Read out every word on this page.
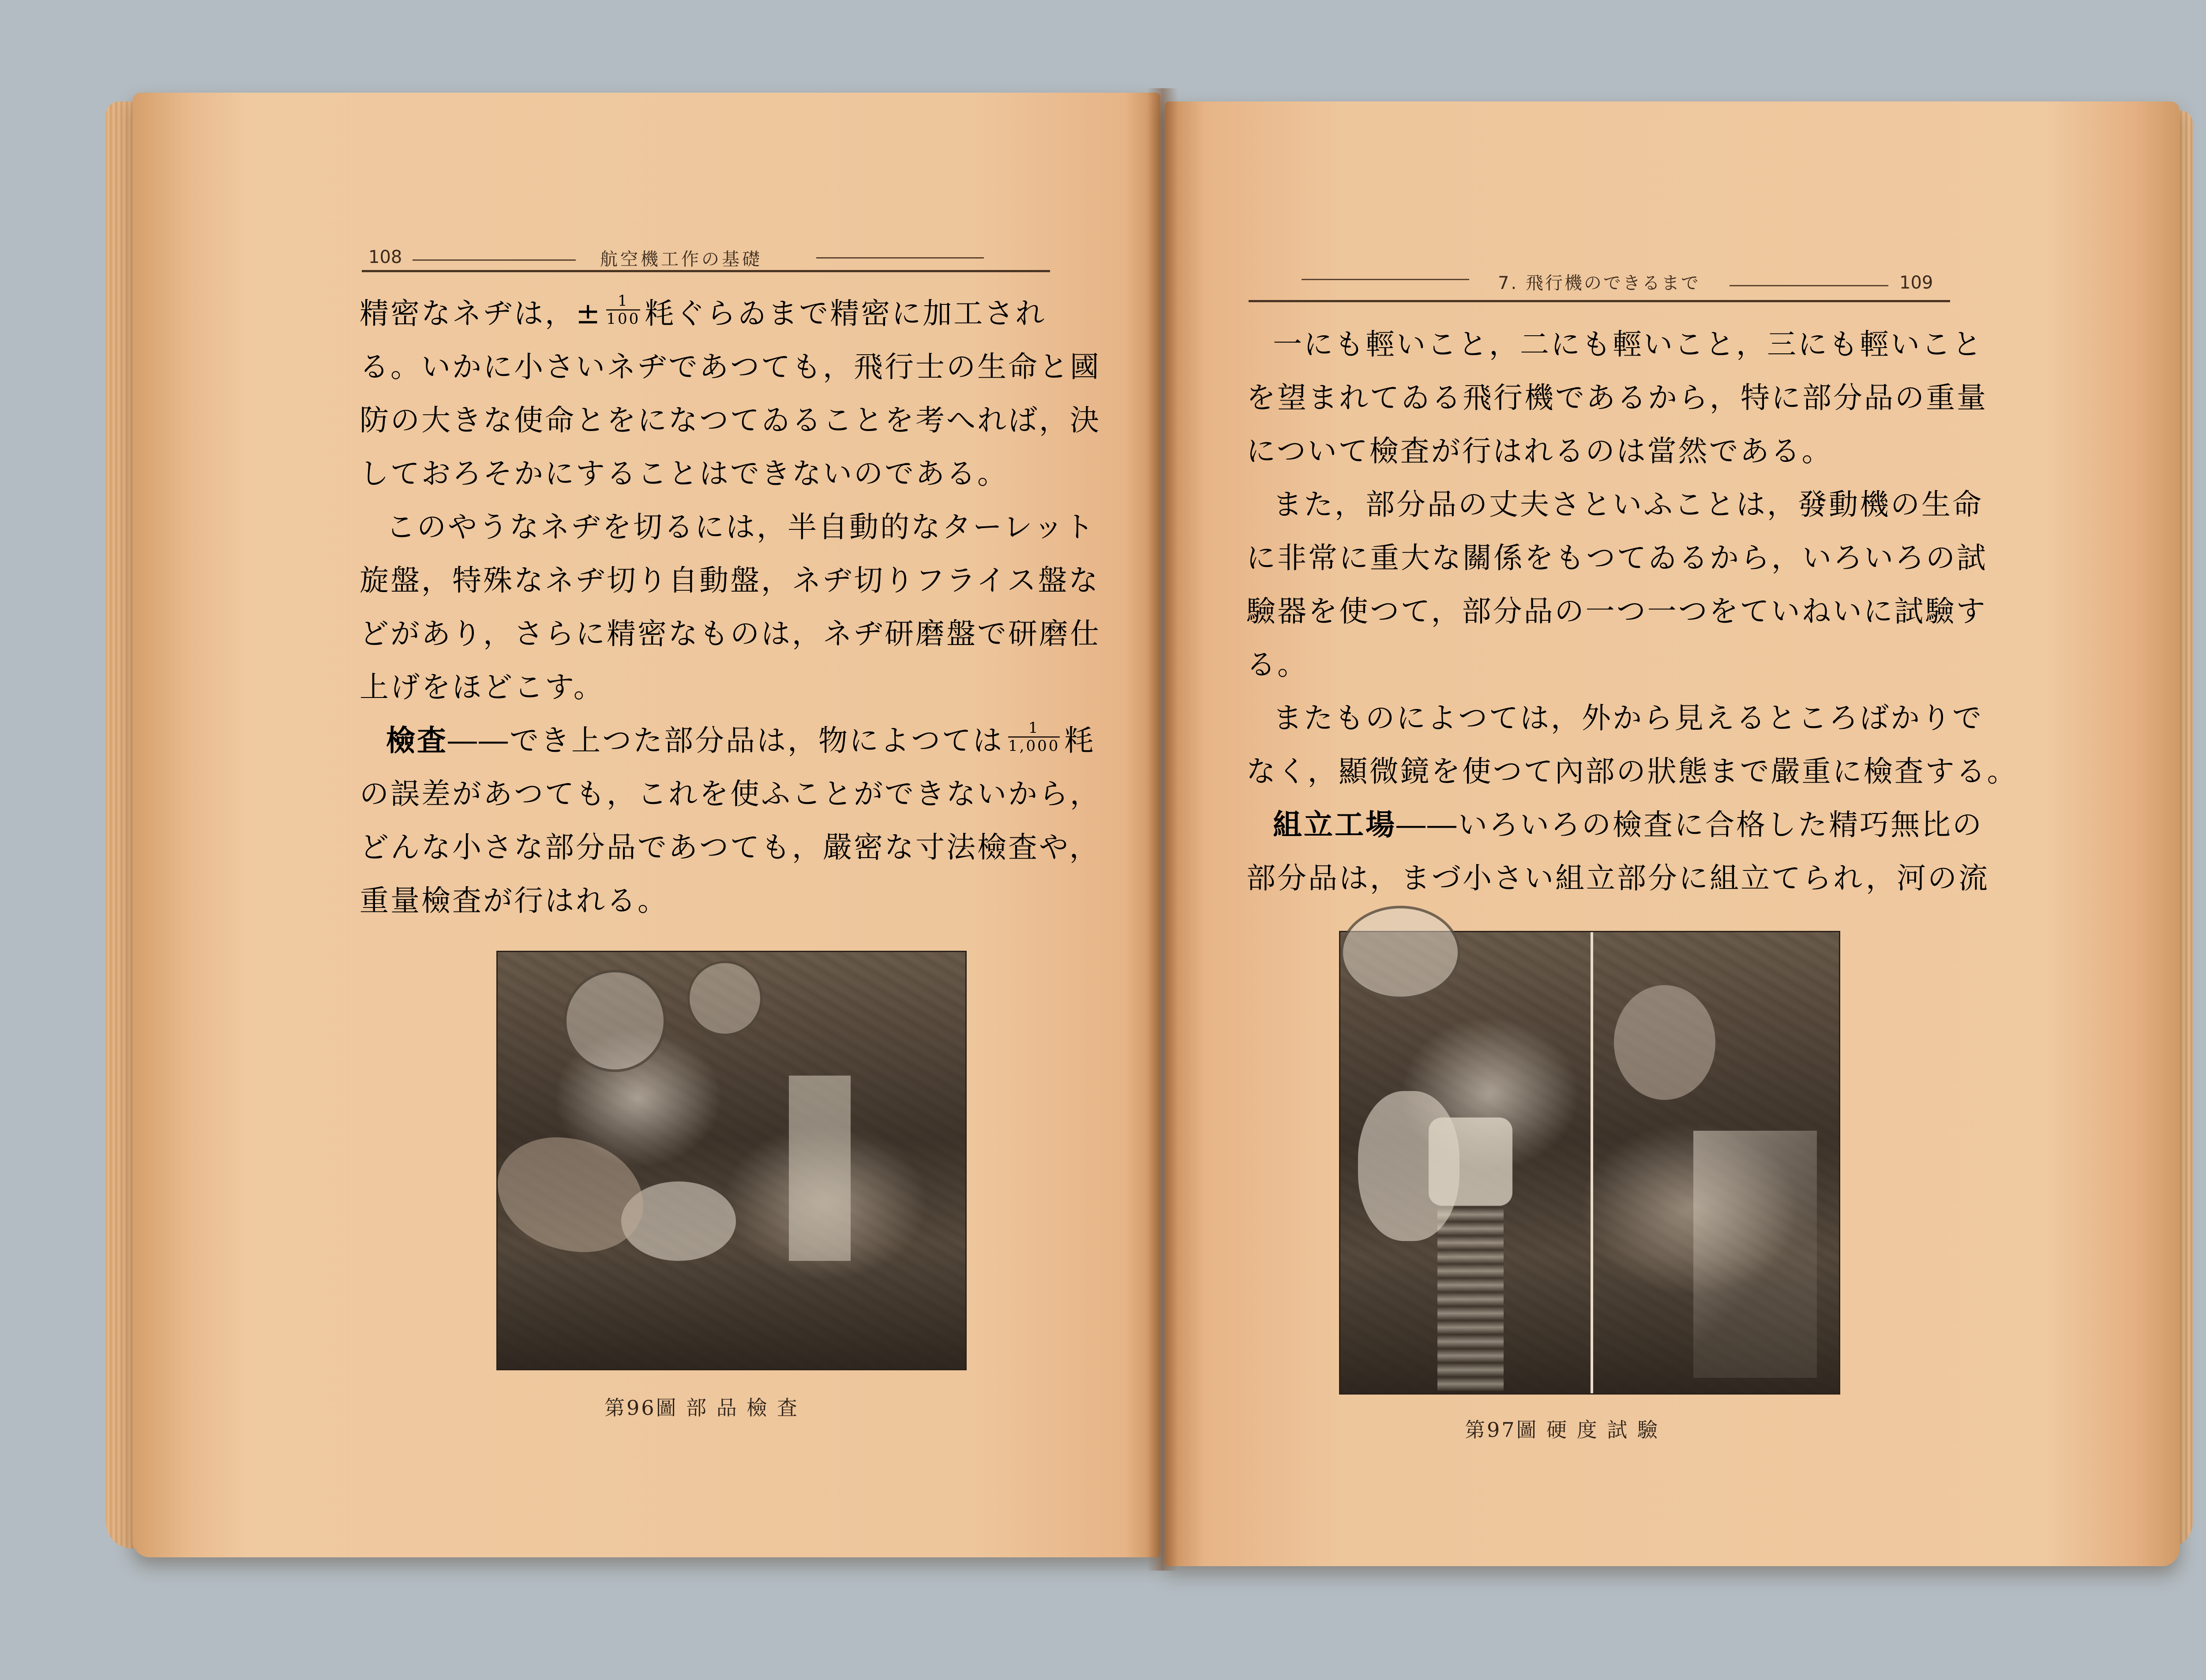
108	航空機工作の基礎
精密なネヂは，± $\frac{1}{100}$ 粍ぐらゐまで精密に加工され
る。いかに小さいネヂであつても，飛行士の生命と國
防の大きな使命とをになつてゐることを考へれば，決
しておろそかにすることはできないのである。
このやうなネヂを切るには，半自動的なターレット
旋盤，特殊なネヂ切り自動盤，ネヂ切りフライス盤な
どがあり，さらに精密なものは，ネヂ研磨盤で研磨仕
上げをほどこす。
檢査――でき上つた部分品は，物によつては $\frac{1}{1,000}$ 粍
の誤差があつても，これを使ふことができないから，
どんな小さな部分品であつても，嚴密な寸法檢査や，
重量檢査が行はれる。
第96圖 部 品 檢 査
7. 飛行機のできるまで	109
一にも輕いこと，二にも輕いこと，三にも輕いこと
を望まれてゐる飛行機であるから，特に部分品の重量
について檢査が行はれるのは當然である。
また，部分品の丈夫さといふことは，發動機の生命
に非常に重大な關係をもつてゐるから，いろいろの試
驗器を使つて，部分品の一つ一つをていねいに試驗す
る。
またものによつては，外から見えるところばかりで
なく，顯微鏡を使つて內部の狀態まで嚴重に檢査する。
組立工場――いろいろの檢査に合格した精巧無比の
部分品は，まづ小さい組立部分に組立てられ，河の流
第97圖 硬 度 試 驗
